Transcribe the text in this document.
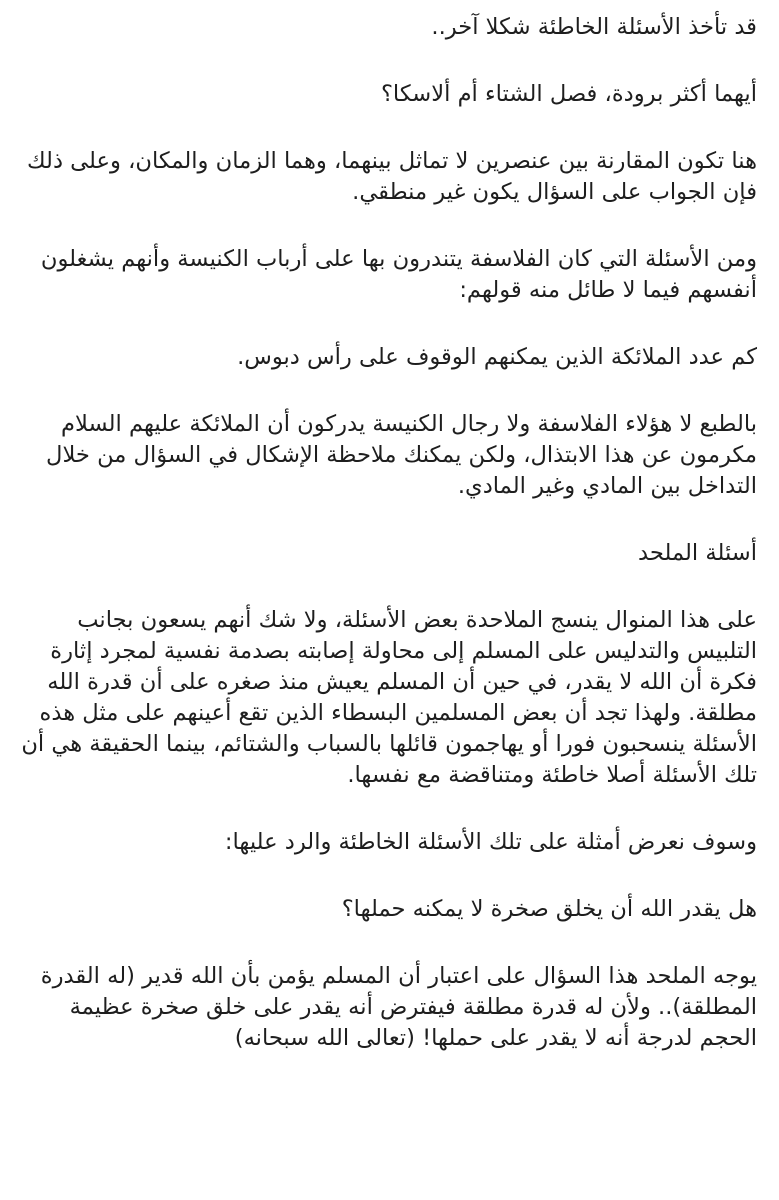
قد تأخذ الأسئلة الخاطئة شكلا آخر..

أيهما أكثر برودة، فصل الشتاء أم ألاسكا؟

هنا تكون المقارنة بين عنصرين لا تماثل بينهما، وهما الزمان والمكان، وعلى ذلك فإن الجواب على السؤال يكون غير منطقي.

ومن الأسئلة التي كان الفلاسفة يتندرون بها على أرباب الكنيسة وأنهم يشغلون أنفسهم فيما لا طائل منه قولهم:

كم عدد الملائكة الذين يمكنهم الوقوف على رأس دبوس.

بالطبع لا هؤلاء الفلاسفة ولا رجال الكنيسة يدركون أن الملائكة عليهم السلام مكرمون عن هذا الابتذال، ولكن يمكنك ملاحظة الإشكال في السؤال من خلال التداخل بين المادي وغير المادي.

أسئلة الملحد

على هذا المنوال ينسج الملاحدة بعض الأسئلة، ولا شك أنهم يسعون بجانب التلبيس والتدليس على المسلم إلى محاولة إصابته بصدمة نفسية لمجرد إثارة فكرة أن الله لا يقدر، في حين أن المسلم يعيش منذ صغره على أن قدرة الله مطلقة. ولهذا تجد أن بعض المسلمين البسطاء الذين تقع أعينهم على مثل هذه الأسئلة ينسحبون فورا أو يهاجمون قائلها بالسباب والشتائم، بينما الحقيقة هي أن تلك الأسئلة أصلا خاطئة ومتناقضة مع نفسها.

وسوف نعرض أمثلة على تلك الأسئلة الخاطئة والرد عليها:

هل يقدر الله أن يخلق صخرة لا يمكنه حملها؟

يوجه الملحد هذا السؤال على اعتبار أن المسلم يؤمن بأن الله قدير (له القدرة المطلقة).. ولأن له قدرة مطلقة فيفترض أنه يقدر على خلق صخرة عظيمة الحجم لدرجة أنه لا يقدر على حملها! (تعالى الله سبحانه)
